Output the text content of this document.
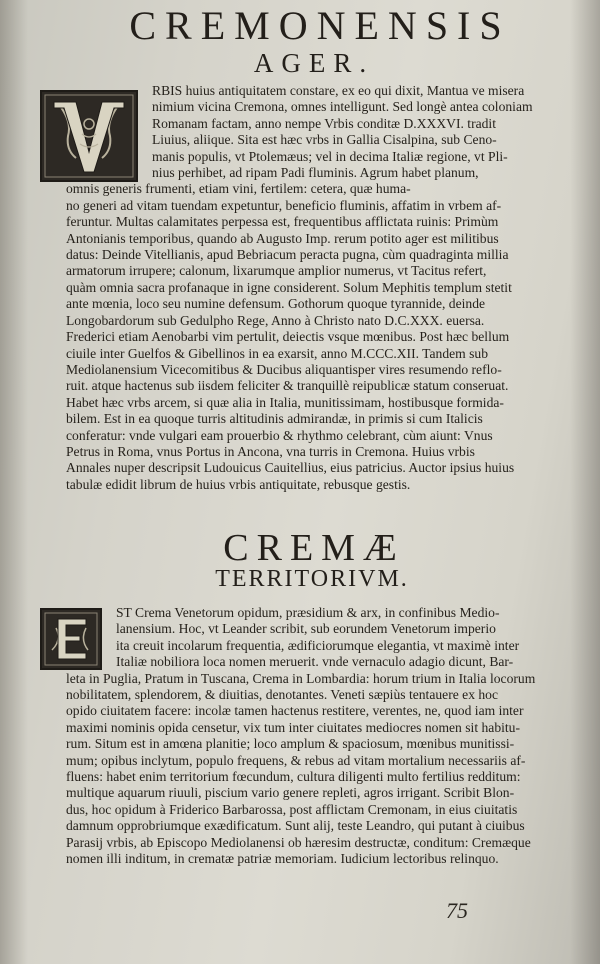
CREMONENSIS
AGER.
RBIS huius antiquitatem constare, ex eo qui dixit, Mantua ve misera
nimium vicina Cremona, omnes intelligunt. Sed longè antea coloniam
Romanam factam, anno nempe Vrbis conditæ D.XXXVI. tradit
Liuius, aliique. Sita est hæc vrbs in Gallia Cisalpina, sub Ceno-
manis populis, vt Ptolemæus; vel in decima Italiæ regione, vt Pli-
nius perhibet, ad ripam Padi fluminis. Agrum habet planum,
omnis generis frumenti, etiam vini, fertilem: cetera, quæ huma-
no generi ad vitam tuendam expetuntur, beneficio fluminis, affatim in vrbem af-
feruntur. Multas calamitates perpessa est, frequentibus afflictata ruinis: Primùm
Antonianis temporibus, quando ab Augusto Imp. rerum potito ager est militibus
datus: Deinde Vitellianis, apud Bebriacum peracta pugna, cùm quadraginta millia
armatorum irrupere; calonum, lixarumque amplior numerus, vt Tacitus refert,
quàm omnia sacra profanaque in igne considerent. Solum Mephitis templum stetit
ante mœnia, loco seu numine defensum. Gothorum quoque tyrannide, deinde
Longobardorum sub Gedulpho Rege, Anno à Christo nato D.C.XXX. euersa.
Frederici etiam Aenobarbi vim pertulit, deiectis vsque mœnibus. Post hæc bellum
ciuile inter Guelfos & Gibellinos in ea exarsit, anno M.CCC.XII. Tandem sub
Mediolanensium Vicecomitibus & Ducibus aliquantisper vires resumendo reflo-
ruit. atque hactenus sub iisdem feliciter & tranquillè reipublicæ statum conseruat.
Habet hæc vrbs arcem, si quæ alia in Italia, munitissimam, hostibusque formida-
bilem. Est in ea quoque turris altitudinis admirandæ, in primis si cum Italicis
conferatur: vnde vulgari eam prouerbio & rhythmo celebrant, cùm aiunt: Vnus
Petrus in Roma, vnus Portus in Ancona, vna turris in Cremona. Huius vrbis
Annales nuper descripsit Ludouicus Cauitellius, eius patricius. Auctor ipsius huius
tabulæ edidit librum de huius vrbis antiquitate, rebusque gestis.
CREMÆ
TERRITORIVM.
ST Crema Venetorum opidum, præsidium & arx, in confinibus Medio-
lanensium. Hoc, vt Leander scribit, sub eorundem Venetorum imperio
ita creuit incolarum frequentia, ædificiorumque elegantia, vt maximè inter
Italiæ nobiliora loca nomen meruerit. vnde vernaculo adagio dicunt, Bar-
leta in Puglia, Pratum in Tuscana, Crema in Lombardia: horum trium in Italia locorum
nobilitatem, splendorem, & diuitias, denotantes. Veneti sæpiùs tentauere ex hoc
opido ciuitatem facere: incolæ tamen hactenus restitere, verentes, ne, quod iam inter
maximi nominis opida censetur, vix tum inter ciuitates mediocres nomen sit habitu-
rum. Situm est in amœna planitie; loco amplum & spaciosum, mœnibus munitissi-
mum; opibus inclytum, populo frequens, & rebus ad vitam mortalium necessariis af-
fluens: habet enim territorium fœcundum, cultura diligenti multo fertilius redditum:
multique aquarum riuuli, piscium vario genere repleti, agros irrigant. Scribit Blon-
dus, hoc opidum à Friderico Barbarossa, post afflictam Cremonam, in eius ciuitatis
damnum opprobriumque exædificatum. Sunt alij, teste Leandro, qui putant à ciuibus
Parasij vrbis, ab Episcopo Mediolanensi ob hæresim destructæ, conditum: Cremæque
nomen illi inditum, in crematæ patriæ memoriam. Iudicium lectoribus relinquo.

75
